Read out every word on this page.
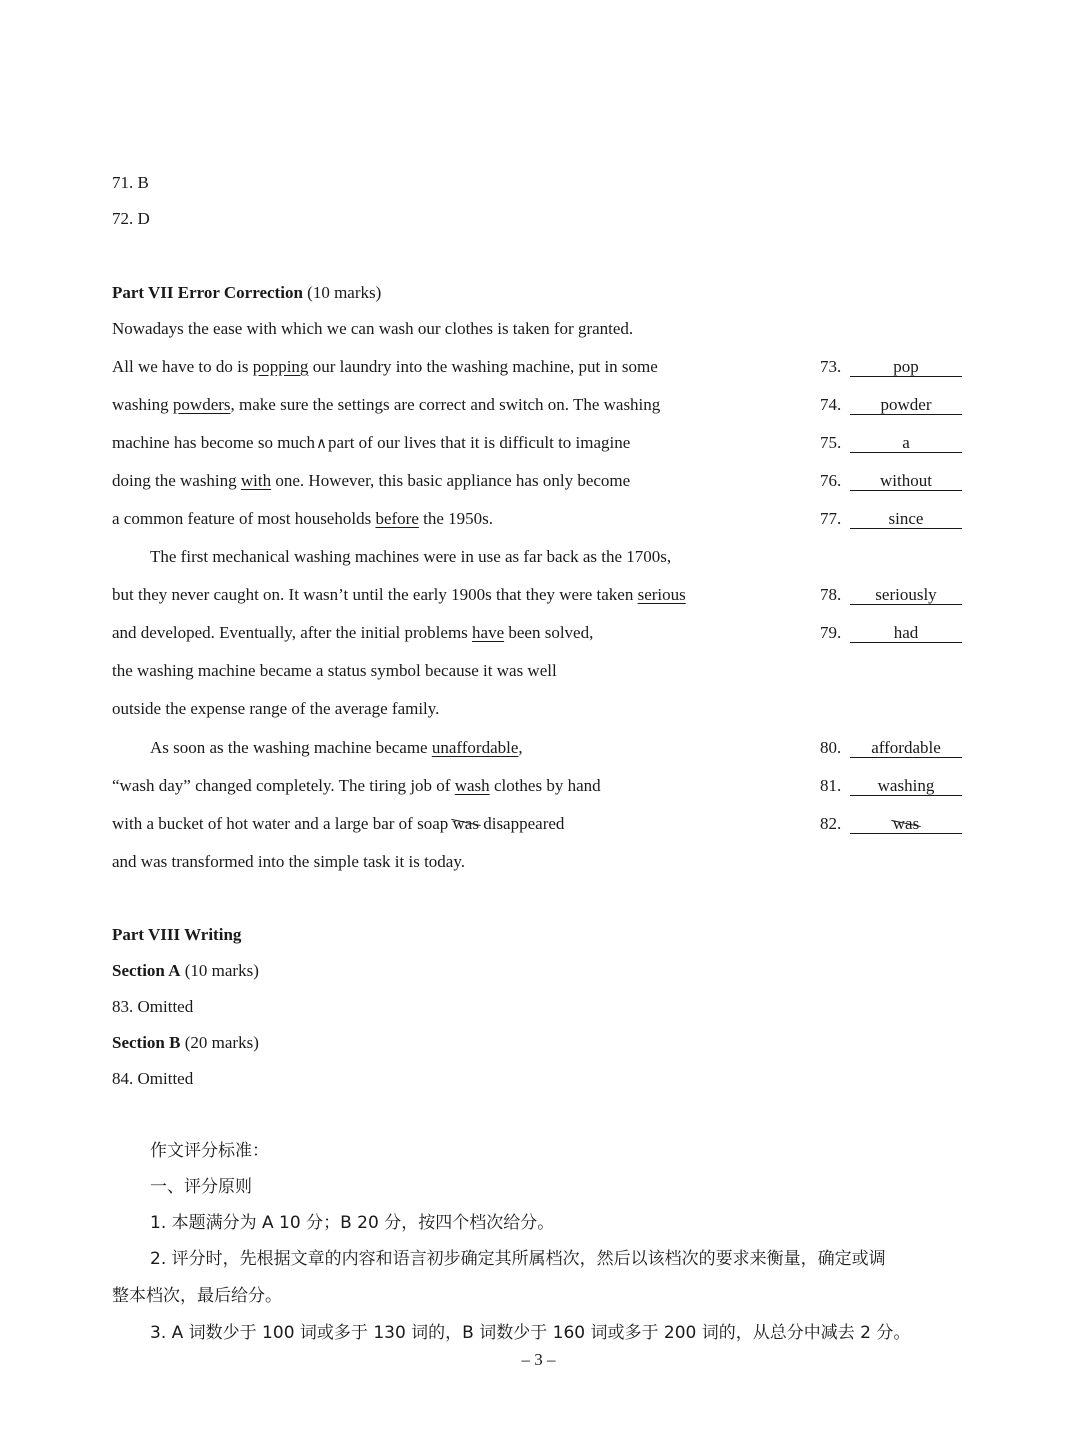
71. B
72. D
Part VII Error Correction (10 marks)
Nowadays the ease with which we can wash our clothes is taken for granted.
All we have to do is popping our laundry into the washing machine, put in some
washing powders, make sure the settings are correct and switch on. The washing
machine has become so much∧part of our lives that it is difficult to imagine
doing the washing with one. However, this basic appliance has only become
a common feature of most households before the 1950s.
The first mechanical washing machines were in use as far back as the 1700s,
but they never caught on. It wasn’t until the early 1900s that they were taken serious
and developed. Eventually, after the initial problems have been solved,
the washing machine became a status symbol because it was well
outside the expense range of the average family.
As soon as the washing machine became unaffordable,
“wash day” changed completely. The tiring job of wash clothes by hand
with a bucket of hot water and a large bar of soap was disappeared
and was transformed into the simple task it is today.
73.	pop
74. powder
75.	a
76. without
77.	since
78. seriously
79.	had
80. affordable
81. washing
82.	was
Part VIII Writing
Section A (10 marks)
83. Omitted
Section B (20 marks)
84. Omitted
作文评分标准：
一、评分原则
1. 本题满分为 A 10 分；B 20 分，按四个档次给分。
2. 评分时，先根据文章的内容和语言初步确定其所属档次，然后以该档次的要求来衡量，确定或调
整本档次，最后给分。
3. A 词数少于 100 词或多于 130 词的，B 词数少于 160 词或多于 200 词的，从总分中减去 2 分。
– 3 –
